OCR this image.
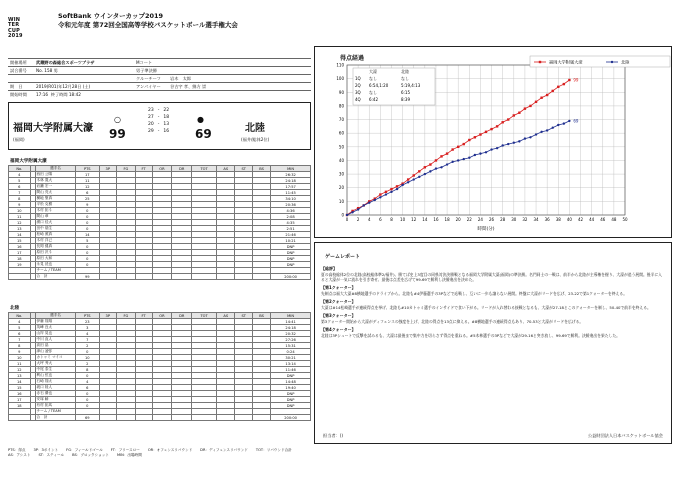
WIN
TER
CUP
2019
SoftBank ウインターカップ2019
令和元年度 第72回全国高等学校バスケットボール選手権大会
開催場所	武蔵野の森総合スポーツプラザ	Mコート	
試合番号	No. 158 男	男子準決勝	
		クルーチーフ	岩木　太郎
期　日	2019(R01)年12月28日 (土)	アンパイヤー	谷古宇 孝、綿方 崇
開始時間	17:16 終了時間 18:42		
福岡大学附属大濠
(福岡)
○
99
23	-	22
27	-	18
20	-	13
29	-	16
●
69	北陸
(福井/総体2位)
福岡大学附属大濠
No.		選手名	PTS	3P	FG	FT	OR	DR	TOT	AS	ST	BS	MIN
4		西田 公陽	17										26:32
5		木林 寛大	11										24:18
6		岩瀬 宏一	12										17:57
7		間山 亮太	6										11:45
8		横地 聖真	25										34:10
9		平松 克樹	9										20:36
10		木村 拓斗	0										4:36
11		間山 章	0										2:08
12		湧口 佳大	0										4:35
13		田中 瑞生	0										2:51
14		松崎 照真	14										21:46
15		木村 洋己	5										10:21
16		長岡 健真	0										DNP
17		原田 沢斗	0										DNP
18		原田 大和	0										DNP
19		永見 洸也	0										DNP
		チーム / TEAM											
		合　計	99										200:00
北陸
No.		選手名	PTS	3P	FG	FT	OR	DR	TOT	AS	ST	BS	MIN
4		伊藤 翔翔	23										14:41
5		英峰 良太	3										24:18
6		山岸 晃也	4										20:32
7		中川 直人	7										27:26
8		高田 晶	2										15:31
9		津山 凌弥	0										0:24
10		カトゥミ マイコ	10										30:21
11		大坪 秀大	2										13:14
12		中尾 泰生	8										11:46
13		利山 弦也	0										DNP
14		石崎 翔太	4										14:48
15		坂口 陸人	6										19:40
16		赤石 優也	0										DNP
17		安塚 瞬	0										DNP
18		有村 拓馬	0										DNP
		チーム / TEAM											
		合　計	69										200:00
PTS：得点 3P：3ポイント FG：フィールドゴール FT：フリースロー OR：オフェンスリバウンド DR：ディフェンスリバウンド TOT：リバウンド合計AS：アシスト ST：スティール BS：ブロックショット MIN：出場時間
得点経過
0
10
20
30
40
50
60
70
80
90
100
110
0 2 4 6 8 10 12 14 16 18 20 22 24 26 28 30 32 34 36 38 40 42 44 46 48 50
時間(分)
99
69
福岡大学附属大濠	北陸
大濠	北陸
1Q なし	なし
2Q 6:54,1:20	5:19,4:13
3Q なし	6:15
4Q 6:42	8:39
ゲームレポート
【総評】
夏の高校総体2位の北陸(高校総体準2/福井)、勝てば史上3度目の同県対決決勝戦となる福岡大学附属大濠(福岡)の準決勝。名門同士の一戦は、前半から北陸が主導権を握り、大濠が追う展開。後半に入ると大濠が一気に流れを引き寄せ、最後は点差を広げて99-69で勝利し決勝進出を決めた。
【第1クォーター】
先制点は福大大濠#8横地選手のドライブから。北陸も#4伊藤選手の3Pなどで応戦し、互いに一歩も譲らない展開。終盤に大濠がリードを広げ、23-22で第1クォーターを終える。
【第2クォーター】
大濠は#14松崎選手が連続得点を挙げ、北陸も#10カトゥミ選手のインサイドで食い下がる。リードが入れ替わる接戦となるも、大濠が27-18とこのクォーターを制し、50-40で前半を終える。
【第3クォーター】
第3クォーター開始から大濠がディフェンスの強度を上げ、北陸の得点を13点に抑える。#8横地選手の連続得点もあり、70-53と大濠がリードを広げる。
【第4クォーター】
北陸は3Pシュートで反撃を試みるも、大濠は最後まで集中力を切らさず得点を重ねる。#5木林選手の3Pなどで大濠が29-16と突き放し、99-69で勝利。決勝進出を果たした。
担当者：()	公益財団法人日本バスケットボール協会
